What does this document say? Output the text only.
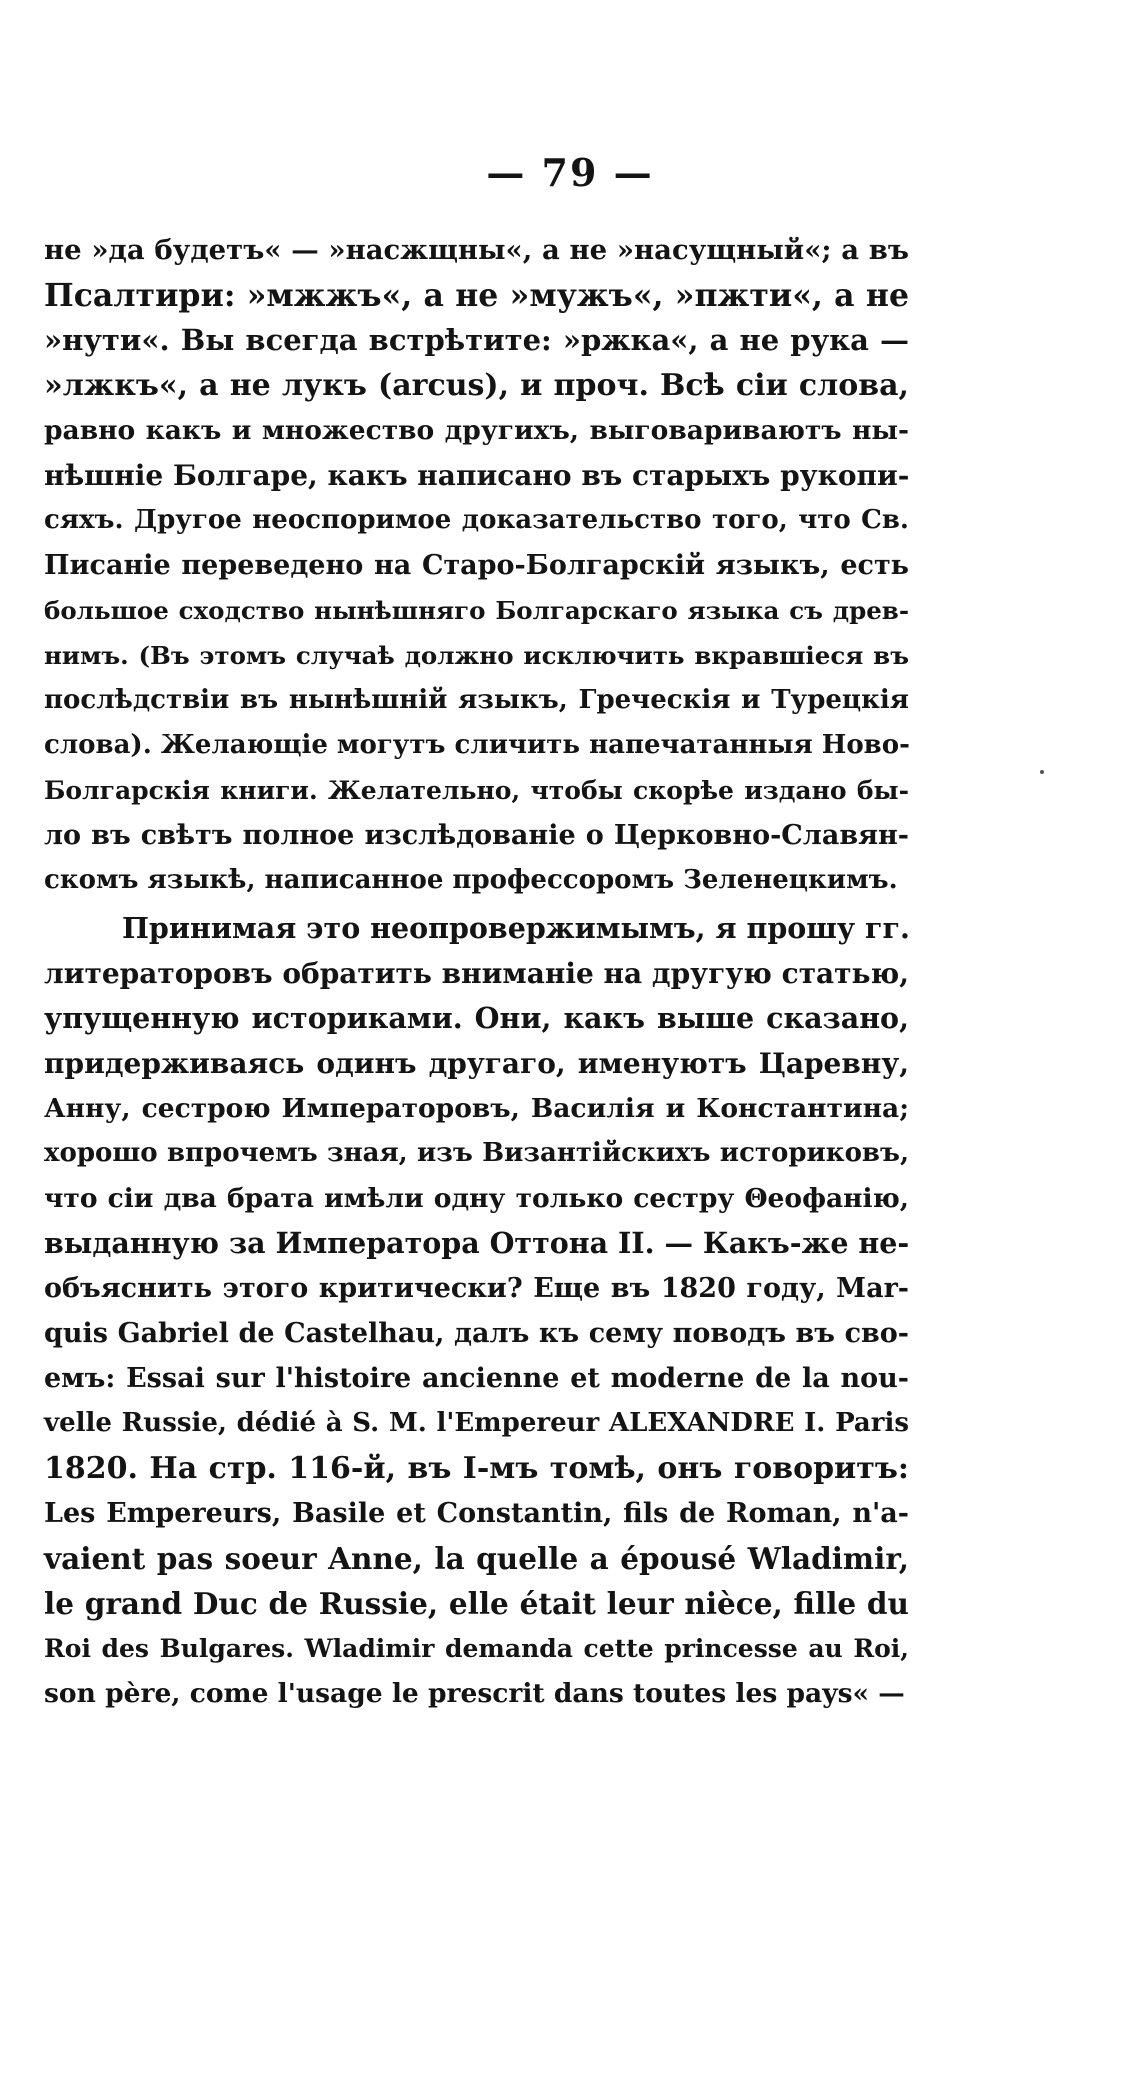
— 79 —
не »да будетъ« — »насжщны«, а не »насущный«; а въ
Псалтири: »мжжъ«, а не »мужъ«, »пжти«, а не
»нути«. Вы всегда встрѣтите: »ржка«, а не рука —
»лжкъ«, а не лукъ (arcus), и проч. Всѣ сіи слова,
равно какъ и множество другихъ, выговариваютъ ны-
нѣшніе Болгаре, какъ написано въ старыхъ рукопи-
сяхъ. Другое неоспоримое доказательство того, что Св.
Писаніе переведено на Старо-Болгарскій языкъ, есть
большое сходство нынѣшняго Болгарскаго языка съ древ-
нимъ. (Въ этомъ случаѣ должно исключить вкравшіеся въ
послѣдствіи въ нынѣшній языкъ, Греческія и Турецкія
слова). Желающіе могутъ сличить напечатанныя Ново-
Болгарскія книги. Желательно, чтобы скорѣе издано бы-
ло въ свѣтъ полное изслѣдованіе о Церковно-Славян-
скомъ языкѣ, написанное профессоромъ Зеленецкимъ.
Принимая это неопровержимымъ, я прошу гг.
литераторовъ обратить вниманіе на другую статью,
упущенную историками. Они, какъ выше сказано,
придерживаясь одинъ другаго, именуютъ Царевну,
Анну, сестрою Императоровъ, Василія и Константина;
хорошо впрочемъ зная, изъ Византійскихъ историковъ,
что сіи два брата имѣли одну только сестру Θеофанію,
выданную за Императора Оттона II. — Какъ-же не-
объяснить этого критически? Еще въ 1820 году, Mar-
quis Gabriel de Castelhau, далъ къ сему поводъ въ сво-
емъ: Essai sur l'histoire ancienne et moderne de la nou-
velle Russie, dédié à S. M. l'Empereur ALEXANDRE I. Paris
1820. На стр. 116-й, въ I-мъ томѣ, онъ говоритъ:
Les Empereurs, Basile et Constantin, fils de Roman, n'a-
vaient pas soeur Anne, la quelle a épousé Wladimir,
le grand Duc de Russie, elle était leur nièce, fille du
Roi des Bulgares. Wladimir demanda cette princesse au Roi,
son père, come l'usage le prescrit dans toutes les pays« —
